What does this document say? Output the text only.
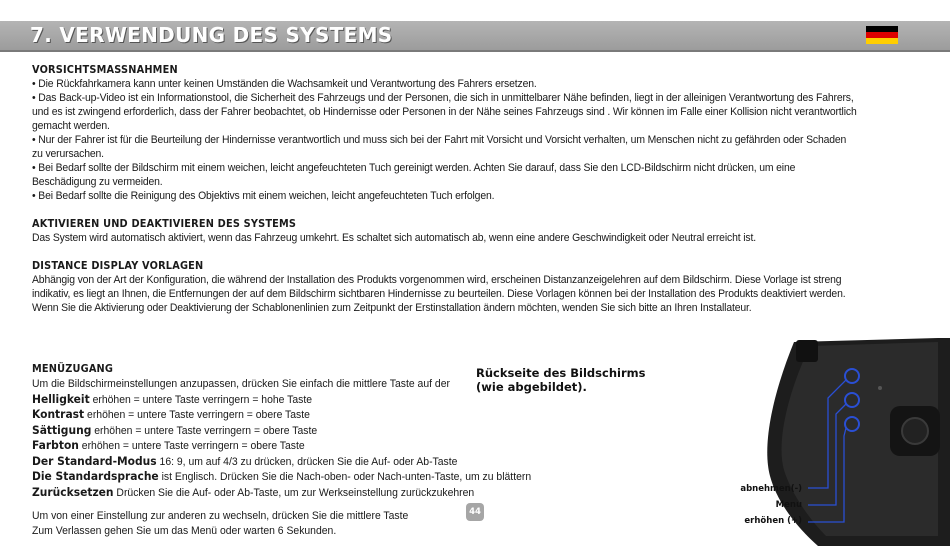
7. VERWENDUNG DES SYSTEMS

VORSICHTSMASSNAHMEN

• Die Rückfahrkamera kann unter keinen Umständen die Wachsamkeit und Verantwortung des Fahrers ersetzen.

• Das Back-up-Video ist ein Informationstool, die Sicherheit des Fahrzeugs und der Personen, die sich in unmittelbarer Nähe befinden, liegt in der alleinigen Verantwortung des Fahrers, und es ist zwingend erforderlich, dass der Fahrer beobachtet, ob Hindernisse oder Personen in der Nähe seines Fahrzeugs sind . Wir können im Falle einer Kollision nicht verantwortlich gemacht werden.

• Nur der Fahrer ist für die Beurteilung der Hindernisse verantwortlich und muss sich bei der Fahrt mit Vorsicht und Vorsicht verhalten, um Menschen nicht zu gefährden oder Schaden zu verursachen.

• Bei Bedarf sollte der Bildschirm mit einem weichen, leicht angefeuchteten Tuch gereinigt werden. Achten Sie darauf, dass Sie den LCD-Bildschirm nicht drücken, um eine Beschädigung zu vermeiden.

• Bei Bedarf sollte die Reinigung des Objektivs mit einem weichen, leicht angefeuchteten Tuch erfolgen.

AKTIVIEREN UND DEAKTIVIEREN DES SYSTEMS

Das System wird automatisch aktiviert, wenn das Fahrzeug umkehrt. Es schaltet sich automatisch ab, wenn eine andere Geschwindigkeit oder Neutral erreicht ist.

DISTANCE DISPLAY VORLAGEN

Abhängig von der Art der Konfiguration, die während der Installation des Produkts vorgenommen wird, erscheinen Distanzanzeigelehren auf dem Bildschirm. Diese Vorlage ist streng indikativ, es liegt an Ihnen, die Entfernungen der auf dem Bildschirm sichtbaren Hindernisse zu beurteilen. Diese Vorlagen können bei der Installation des Produkts deaktiviert werden. Wenn Sie die Aktivierung oder Deaktivierung der Schablonenlinien zum Zeitpunkt der Erstinstallation ändern möchten, wenden Sie sich bitte an Ihren Installateur.

MENÜZUGANG

Um die Bildschirmeinstellungen anzupassen, drücken Sie einfach die mittlere Taste auf der
Helligkeit erhöhen = untere Taste verringern = hohe Taste
Kontrast erhöhen = untere Taste verringern = obere Taste
Sättigung erhöhen = untere Taste verringern = obere Taste
Farbton erhöhen = untere Taste verringern = obere Taste
Der Standard-Modus 16: 9, um auf 4/3 zu drücken, drücken Sie die Auf- oder Ab-Taste
Die Standardsprache ist Englisch. Drücken Sie die Nach-oben- oder Nach-unten-Taste, um zu blättern
Zurücksetzen Drücken Sie die Auf- oder Ab-Taste, um zur Werkseinstellung zurückzukehren
Rückseite des Bildschirms
(wie abgebildet).
Um von einer Einstellung zur anderen zu wechseln, drücken Sie die mittlere Taste
Zum Verlassen gehen Sie um das Menü oder warten 6 Sekunden.
44
abnehmen(-)
Menu
erhöhen (+)
